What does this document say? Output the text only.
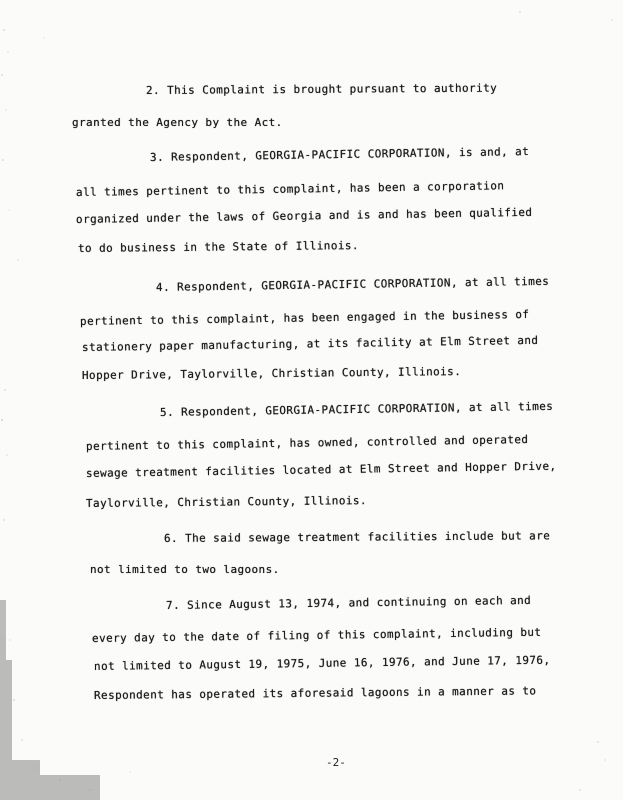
2. This Complaint is brought pursuant to authority
granted the Agency by the Act.
3. Respondent, GEORGIA-PACIFIC CORPORATION, is and, at
all times pertinent to this complaint, has been a corporation
organized under the laws of Georgia and is and has been qualified
to do business in the State of Illinois.
4. Respondent, GEORGIA-PACIFIC CORPORATION, at all times
pertinent to this complaint, has been engaged in the business of
stationery paper manufacturing, at its facility at Elm Street and
Hopper Drive, Taylorville, Christian County, Illinois.
5. Respondent, GEORGIA-PACIFIC CORPORATION, at all times
pertinent to this complaint, has owned, controlled and operated
sewage treatment facilities located at Elm Street and Hopper Drive,
Taylorville, Christian County, Illinois.
6. The said sewage treatment facilities include but are
not limited to two lagoons.
7. Since August 13, 1974, and continuing on each and
every day to the date of filing of this complaint, including but
not limited to August 19, 1975, June 16, 1976, and June 17, 1976,
Respondent has operated its aforesaid lagoons in a manner as to
-2-
